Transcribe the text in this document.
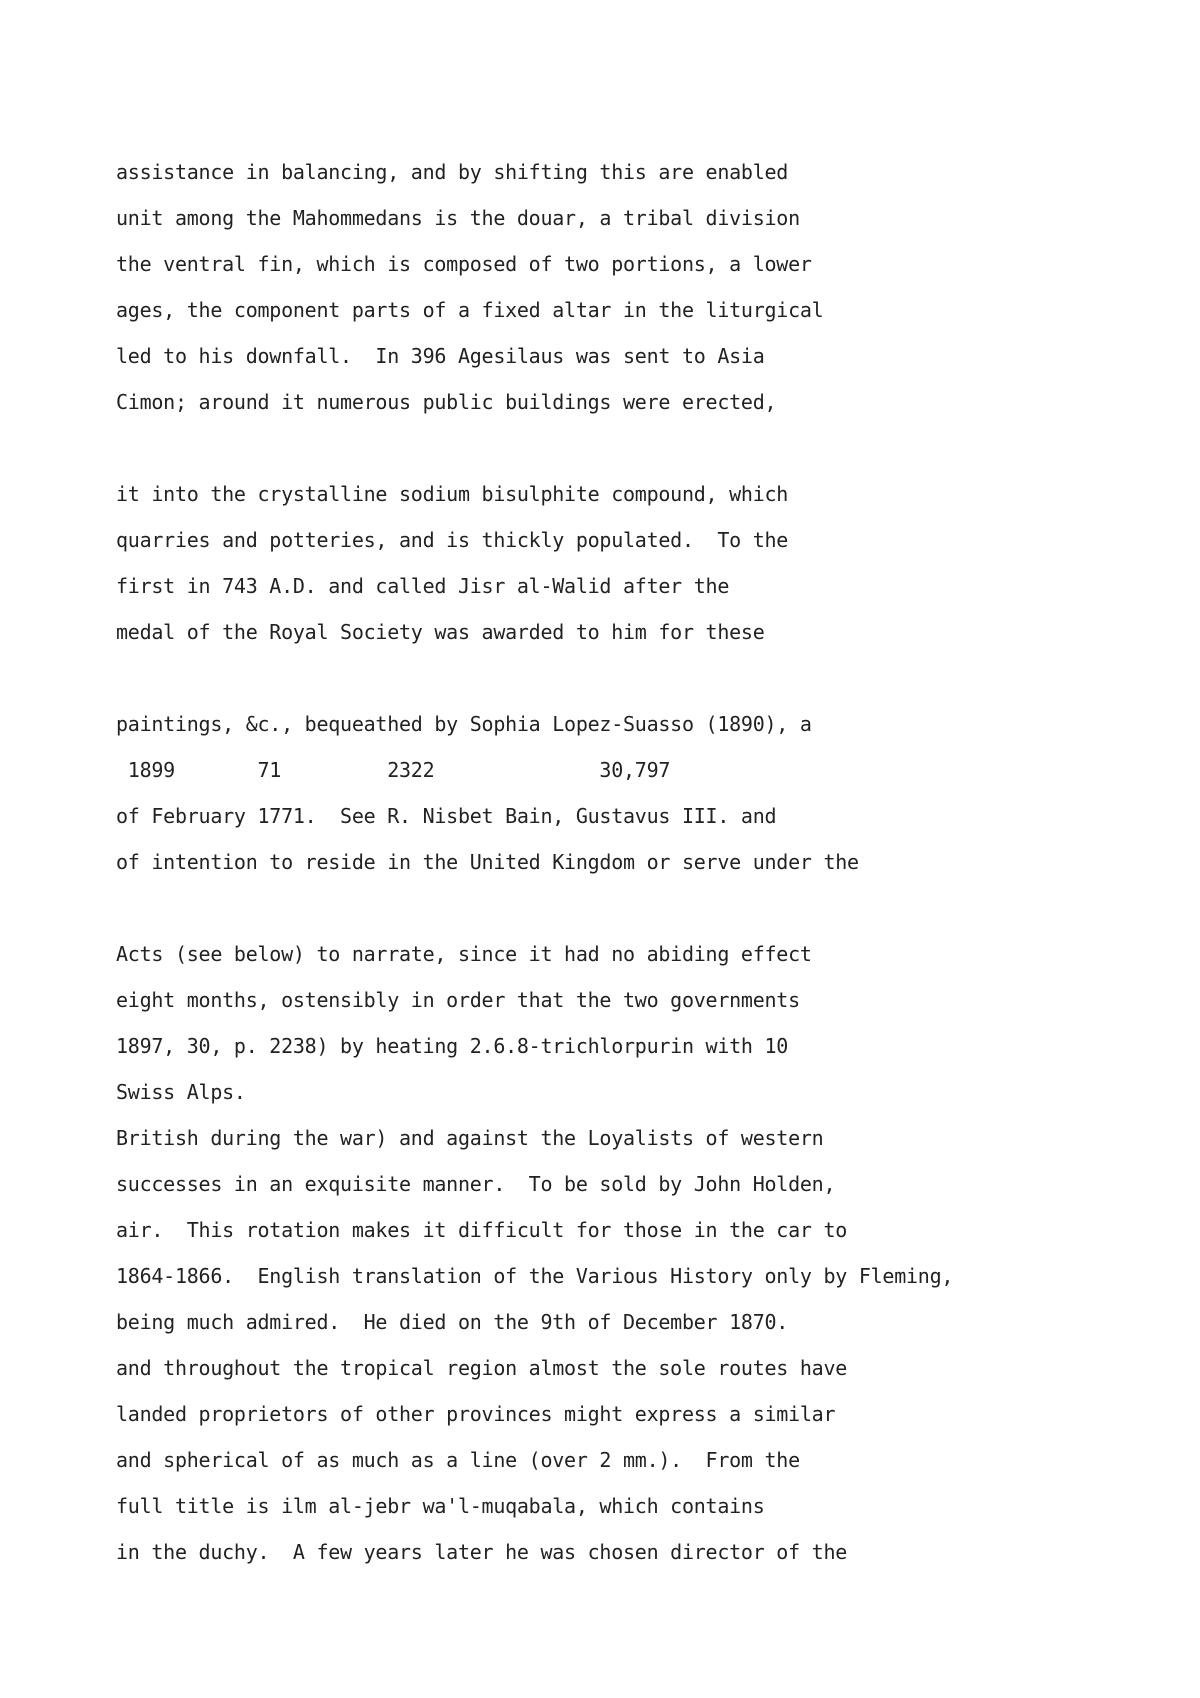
assistance in balancing, and by shifting this are enabled

unit among the Mahommedans is the douar, a tribal division

the ventral fin, which is composed of two portions, a lower

ages, the component parts of a fixed altar in the liturgical

led to his downfall.  In 396 Agesilaus was sent to Asia

Cimon; around it numerous public buildings were erected,

it into the crystalline sodium bisulphite compound, which

quarries and potteries, and is thickly populated.  To the

first in 743 A.D. and called Jisr al-Walid after the

medal of the Royal Society was awarded to him for these

paintings, &c., bequeathed by Sophia Lopez-Suasso (1890), a

1899       71         2322              30,797

of February 1771.  See R. Nisbet Bain, Gustavus III. and

of intention to reside in the United Kingdom or serve under the

Acts (see below) to narrate, since it had no abiding effect

eight months, ostensibly in order that the two governments

1897, 30, p. 2238) by heating 2.6.8-trichlorpurin with 10

Swiss Alps.

British during the war) and against the Loyalists of western

successes in an exquisite manner.  To be sold by John Holden,

air.  This rotation makes it difficult for those in the car to

1864-1866.  English translation of the Various History only by Fleming,

being much admired.  He died on the 9th of December 1870.

and throughout the tropical region almost the sole routes have

landed proprietors of other provinces might express a similar

and spherical of as much as a line (over 2 mm.).  From the

full title is ilm al-jebr wa'l-muqabala, which contains

in the duchy.  A few years later he was chosen director of the
